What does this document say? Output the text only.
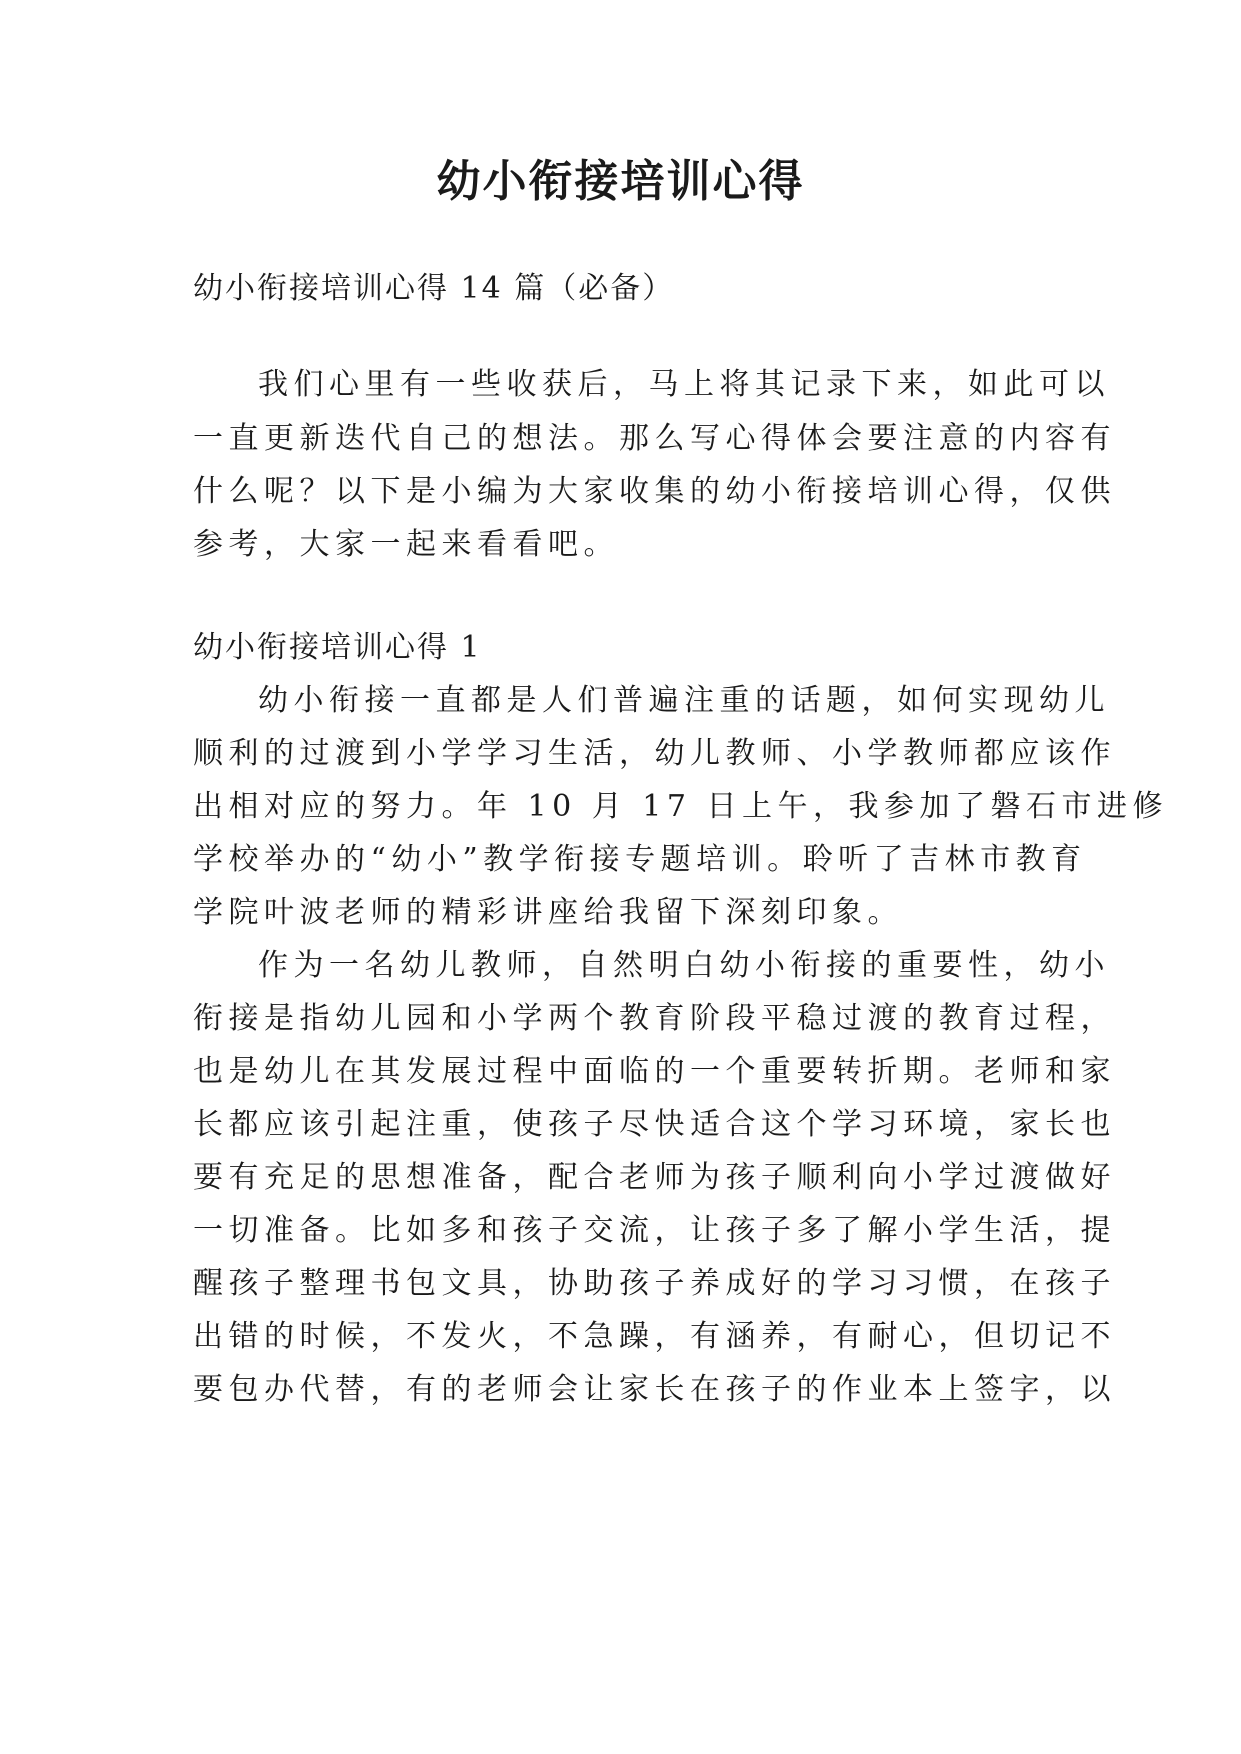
幼小衔接培训心得
幼小衔接培训心得 14 篇（必备）
我们心里有一些收获后，马上将其记录下来，如此可以
一直更新迭代自己的想法。那么写心得体会要注意的内容有
什么呢？以下是小编为大家收集的幼小衔接培训心得，仅供
参考，大家一起来看看吧。
幼小衔接培训心得 1
幼小衔接一直都是人们普遍注重的话题，如何实现幼儿
顺利的过渡到小学学习生活，幼儿教师、小学教师都应该作
出相对应的努力。年 10 月 17 日上午，我参加了磐石市进修
学校举办的“幼小”教学衔接专题培训。聆听了吉林市教育
学院叶波老师的精彩讲座给我留下深刻印象。
作为一名幼儿教师，自然明白幼小衔接的重要性，幼小
衔接是指幼儿园和小学两个教育阶段平稳过渡的教育过程，
也是幼儿在其发展过程中面临的一个重要转折期。老师和家
长都应该引起注重，使孩子尽快适合这个学习环境，家长也
要有充足的思想准备，配合老师为孩子顺利向小学过渡做好
一切准备。比如多和孩子交流，让孩子多了解小学生活，提
醒孩子整理书包文具，协助孩子养成好的学习习惯，在孩子
出错的时候，不发火，不急躁，有涵养，有耐心，但切记不
要包办代替，有的老师会让家长在孩子的作业本上签字，以
